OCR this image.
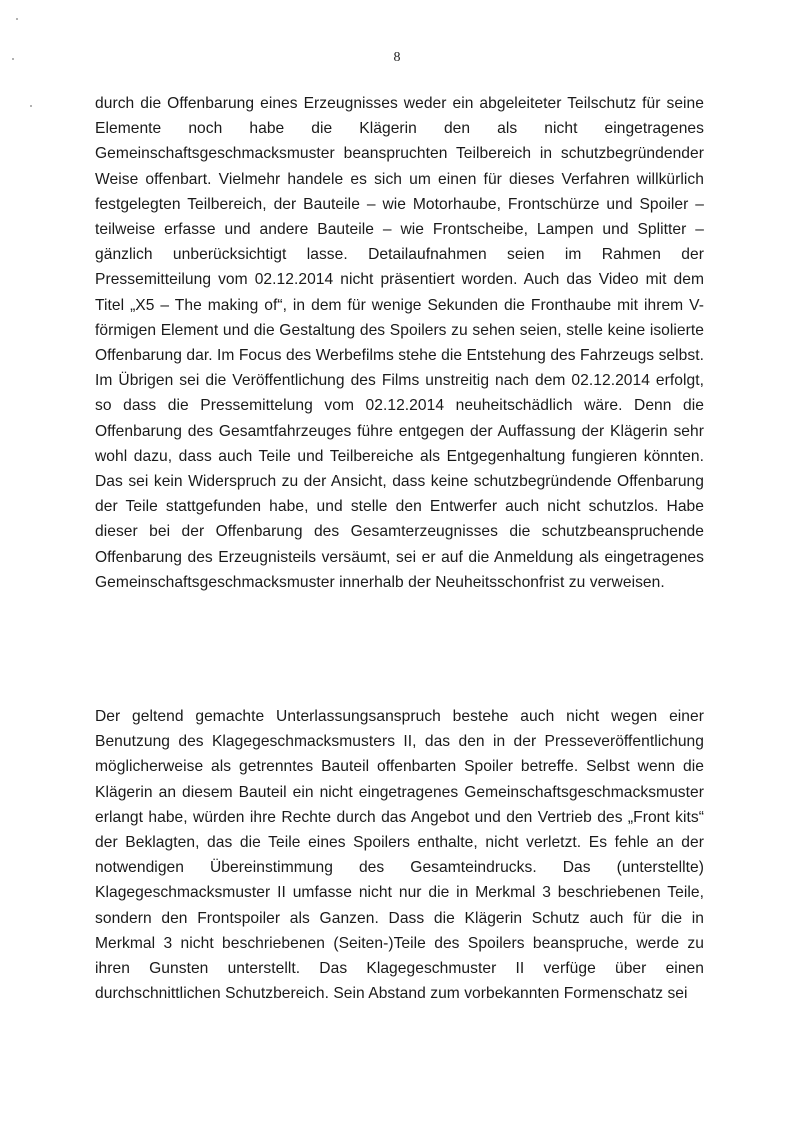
8

durch die Offenbarung eines Erzeugnisses weder ein abgeleiteter Teilschutz für seine Elemente noch habe die Klägerin den als nicht eingetragenes Gemeinschaftsgeschmacksmuster beanspruchten Teilbereich in schutzbegründender Weise offenbart. Vielmehr handele es sich um einen für dieses Verfahren willkürlich festgelegten Teilbereich, der Bauteile – wie Motorhaube, Frontschürze und Spoiler – teilweise erfasse und andere Bauteile – wie Frontscheibe, Lampen und Splitter – gänzlich unberücksichtigt lasse. Detailaufnahmen seien im Rahmen der Pressemitteilung vom 02.12.2014 nicht präsentiert worden. Auch das Video mit dem Titel „X5 – The making of“, in dem für wenige Sekunden die Fronthaube mit ihrem V-förmigen Element und die Gestaltung des Spoilers zu sehen seien, stelle keine isolierte Offenbarung dar. Im Focus des Werbefilms stehe die Entstehung des Fahrzeugs selbst. Im Übrigen sei die Veröffentlichung des Films unstreitig nach dem 02.12.2014 erfolgt, so dass die Pressemittelung vom 02.12.2014 neuheitschädlich wäre. Denn die Offenbarung des Gesamtfahrzeuges führe entgegen der Auffassung der Klägerin sehr wohl dazu, dass auch Teile und Teilbereiche als Entgegenhaltung fungieren könnten. Das sei kein Widerspruch zu der Ansicht, dass keine schutzbegründende Offenbarung der Teile stattgefunden habe, und stelle den Entwerfer auch nicht schutzlos. Habe dieser bei der Offenbarung des Gesamterzeugnisses die schutzbeanspruchende Offenbarung des Erzeugnisteils versäumt, sei er auf die Anmeldung als eingetragenes Gemeinschaftsgeschmacksmuster innerhalb der Neuheitsschonfrist zu verweisen.

Der geltend gemachte Unterlassungsanspruch bestehe auch nicht wegen einer Benutzung des Klagegeschmacksmusters II, das den in der Presseveröffentlichung möglicherweise als getrenntes Bauteil offenbarten Spoiler betreffe. Selbst wenn die Klägerin an diesem Bauteil ein nicht eingetragenes Gemeinschaftsgeschmacksmuster erlangt habe, würden ihre Rechte durch das Angebot und den Vertrieb des „Front kits“ der Beklagten, das die Teile eines Spoilers enthalte, nicht verletzt. Es fehle an der notwendigen Übereinstimmung des Gesamteindrucks. Das (unterstellte) Klagegeschmacksmuster II umfasse nicht nur die in Merkmal 3 beschriebenen Teile, sondern den Frontspoiler als Ganzen. Dass die Klägerin Schutz auch für die in Merkmal 3 nicht beschriebenen (Seiten-)Teile des Spoilers beanspruche, werde zu ihren Gunsten unterstellt. Das Klagegeschmuster II verfüge über einen durchschnittlichen Schutzbereich. Sein Abstand zum vorbekannten Formenschatz sei
